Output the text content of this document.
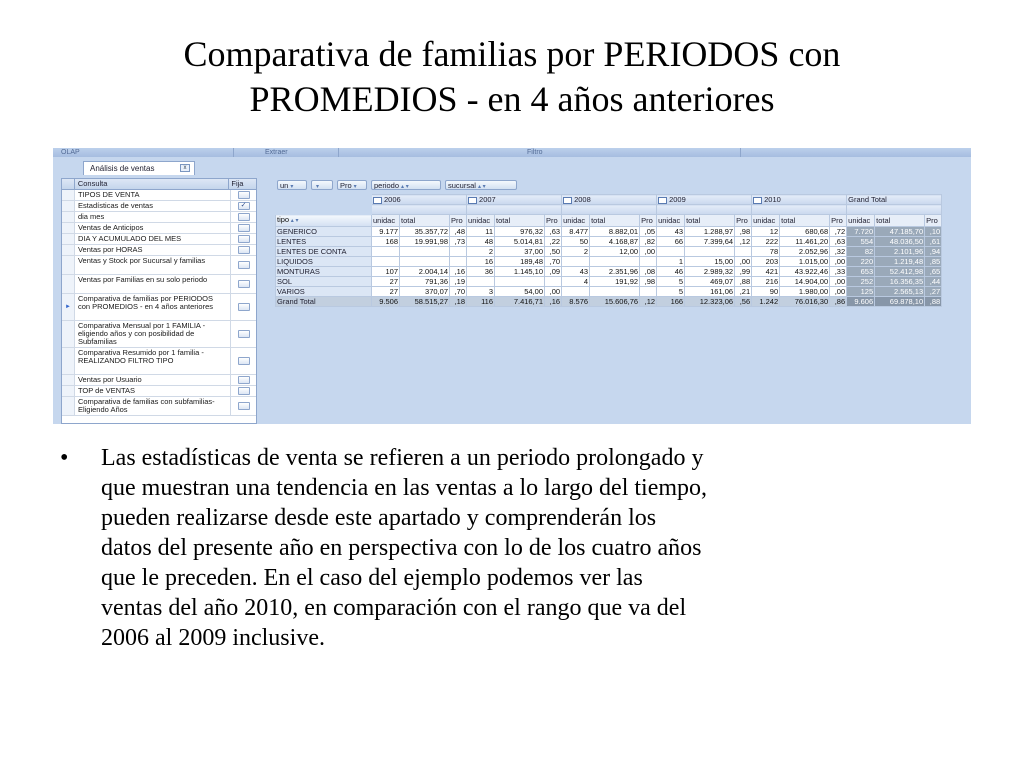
Comparativa de familias por PERIODOS con
PROMEDIOS - en 4 años anteriores
OLAP	Extraer	Filtro
Análisis de ventas	x
Consulta	Fija
TIPOS DE VENTA
Estadísticas de ventas	✓
dia mes
Ventas de Anticipos
DIA Y ACUMULADO DEL MES
Ventas por HORAS
Ventas y Stock por Sucursal y familias
Ventas por Familias en su solo periodo
►
Comparativa de familias por PERIODOS con PROMEDIOS - en 4 años anteriores
Comparativa Mensual por 1 FAMILIA - eligiendo años y con posibilidad de Subfamilias
Comparativa Resumido por 1 familia - REALIZANDO FILTRO TIPO
Ventas por Usuario
TOP de VENTAS
Comparativa de familias con subfamilias- Eligiendo Años
un ▾	▾	Pro ▾	periodo ▴ ▾	sucursal ▴ ▾
	2006			2007			2008			2009			2010			Grand Total		

tipo ▴ ▾	unidac	total	Pro	unidac	total	Pro	unidac	total	Pro	unidac	total	Pro	unidac	total	Pro	unidac	total	Pro
GENERICO	9.177	35.357,72	,48	11	976,32	,63	8.477	8.882,01	,05	43	1.288,97	,98	12	680,68	,72	7.720	47.185,70	,10
LENTES	168	19.991,98	,73	48	5.014,81	,22	50	4.168,87	,82	66	7.399,64	,12	222	11.461,20	,63	554	48.036,50	,61
LENTES DE CONTA				2	37,00	,50	2	12,00	,00				78	2.052,96	,32	82	2.101,96	,94
LIQUIDOS				16	189,48	,70				1	15,00	,00	203	1.015,00	,00	220	1.219,48	,85
MONTURAS	107	2.004,14	,16	36	1.145,10	,09	43	2.351,96	,08	46	2.989,32	,99	421	43.922,46	,33	653	52.412,98	,65
SOL	27	791,36	,19				4	191,92	,98	5	469,07	,88	216	14.904,00	,00	252	16.356,35	,44
VARIOS	27	370,07	,70	3	54,00	,00				5	161,06	,21	90	1.980,00	,00	125	2.565,13	,27
Grand Total	9.506	58.515,27	,18	116	7.416,71	,16	8.576	15.606,76	,12	166	12.323,06	,56	1.242	76.016,30	,86	9.606	69.878,10	,88
•	Las estadísticas de venta se refieren a un periodo prolongado y
que muestran una tendencia en las ventas a lo largo del tiempo,
pueden realizarse desde este apartado y comprenderán los
datos del presente año en perspectiva con lo de los cuatro años
que le preceden. En el caso del ejemplo podemos ver las
ventas del año 2010, en comparación con el rango que va del
2006 al 2009 inclusive.
